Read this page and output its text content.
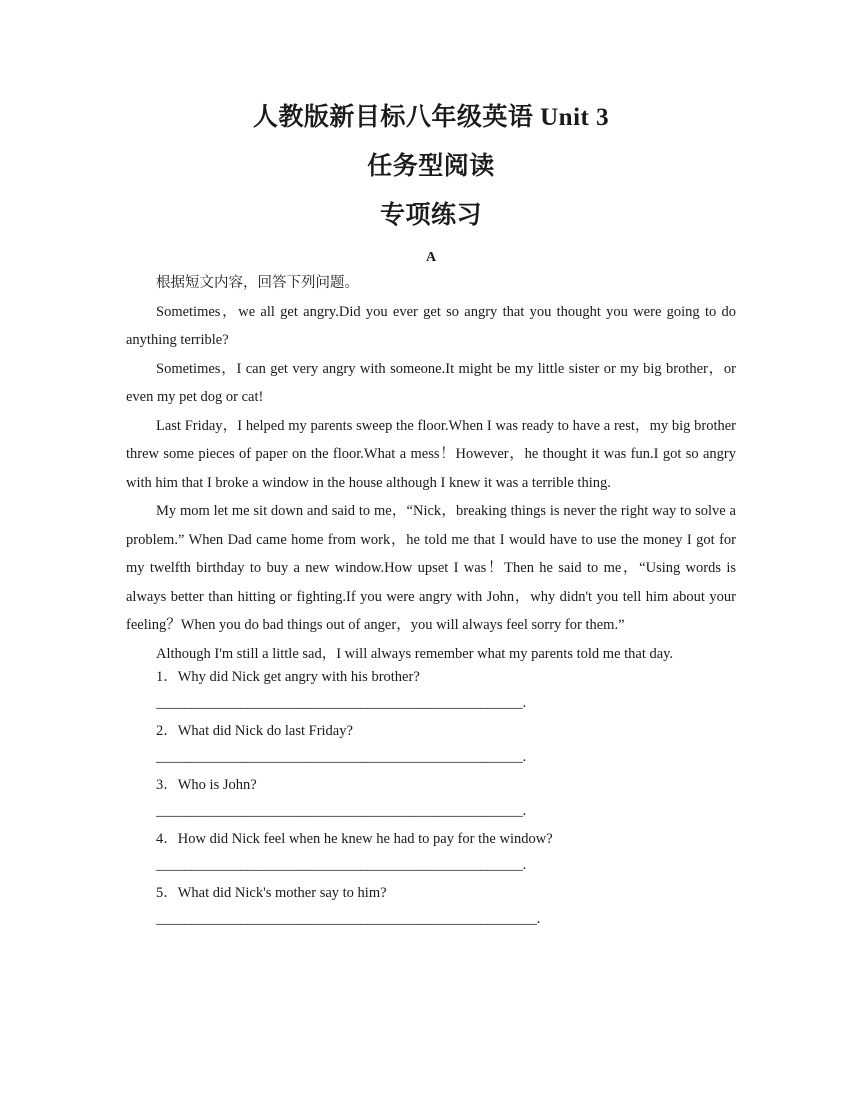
人教版新目标八年级英语 Unit 3
任务型阅读
专项练习
A

根据短文内容，回答下列问题。

Sometimes，we all get angry.Did you ever get so angry that you thought you were going to do anything terrible?

Sometimes，I can get very angry with someone.It might be my little sister or my big brother，or even my pet dog or cat!

Last Friday，I helped my parents sweep the floor.When I was ready to have a rest，my big brother threw some pieces of paper on the floor.What a mess！However，he thought it was fun.I got so angry with him that I broke a window in the house although I knew it was a terrible thing.

My mom let me sit down and said to me，“Nick，breaking things is never the right way to solve a problem.” When Dad came home from work，he told me that I would have to use the money I got for my twelfth birthday to buy a new window.How upset I was！Then he said to me，“Using words is always better than hitting or fighting.If you were angry with John，why didn't you tell him about your feeling？When you do bad things out of anger，you will always feel sorry for them.”

Although I'm still a little sad，I will always remember what my parents told me that day.

1．Why did Nick get angry with his brother?
____________________________________________________.
2．What did Nick do last Friday?
____________________________________________________.
3．Who is John?
____________________________________________________.
4．How did Nick feel when he knew he had to pay for the window?
____________________________________________________.
5．What did Nick's mother say to him?
______________________________________________________.
